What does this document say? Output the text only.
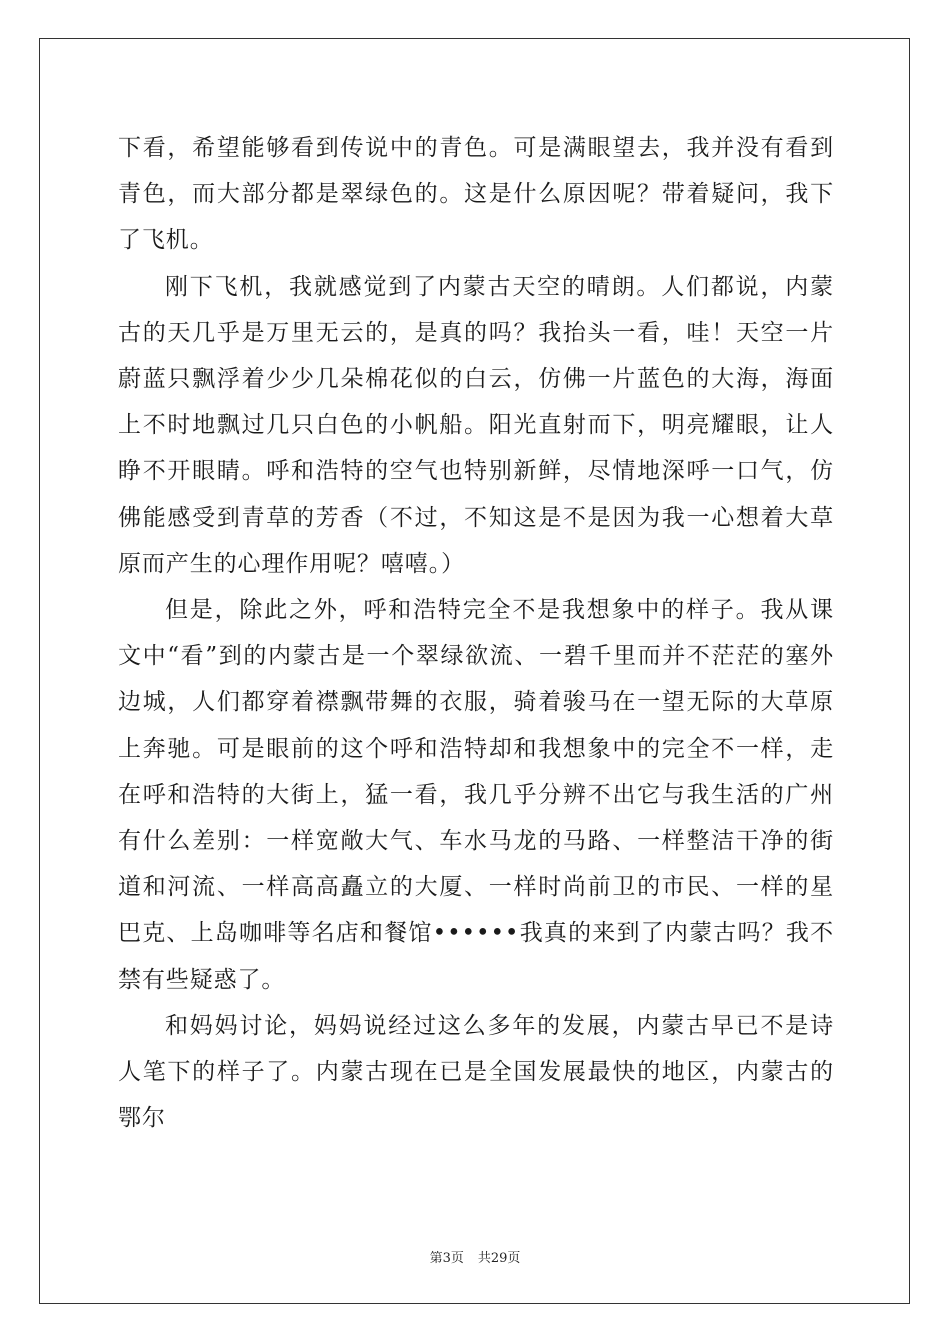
下看，希望能够看到传说中的青色。可是满眼望去，我并没有看到青色，而大部分都是翠绿色的。这是什么原因呢？带着疑问，我下了飞机。

刚下飞机，我就感觉到了内蒙古天空的晴朗。人们都说，内蒙古的天几乎是万里无云的，是真的吗？我抬头一看，哇！天空一片蔚蓝只飘浮着少少几朵棉花似的白云，仿佛一片蓝色的大海，海面上不时地飘过几只白色的小帆船。阳光直射而下，明亮耀眼，让人睁不开眼睛。呼和浩特的空气也特别新鲜，尽情地深呼一口气，仿佛能感受到青草的芳香（不过，不知这是不是因为我一心想着大草原而产生的心理作用呢？嘻嘻。）

但是，除此之外，呼和浩特完全不是我想象中的样子。我从课文中“看”到的内蒙古是一个翠绿欲流、一碧千里而并不茫茫的塞外边城，人们都穿着襟飘带舞的衣服，骑着骏马在一望无际的大草原上奔驰。可是眼前的这个呼和浩特却和我想象中的完全不一样，走在呼和浩特的大街上，猛一看，我几乎分辨不出它与我生活的广州有什么差别：一样宽敞大气、车水马龙的马路、一样整洁干净的街道和河流、一样高高矗立的大厦、一样时尚前卫的市民、一样的星巴克、上岛咖啡等名店和餐馆••••••我真的来到了内蒙古吗？我不禁有些疑惑了。

和妈妈讨论，妈妈说经过这么多年的发展，内蒙古早已不是诗人笔下的样子了。内蒙古现在已是全国发展最快的地区，内蒙古的鄂尔

第3页 共29页
